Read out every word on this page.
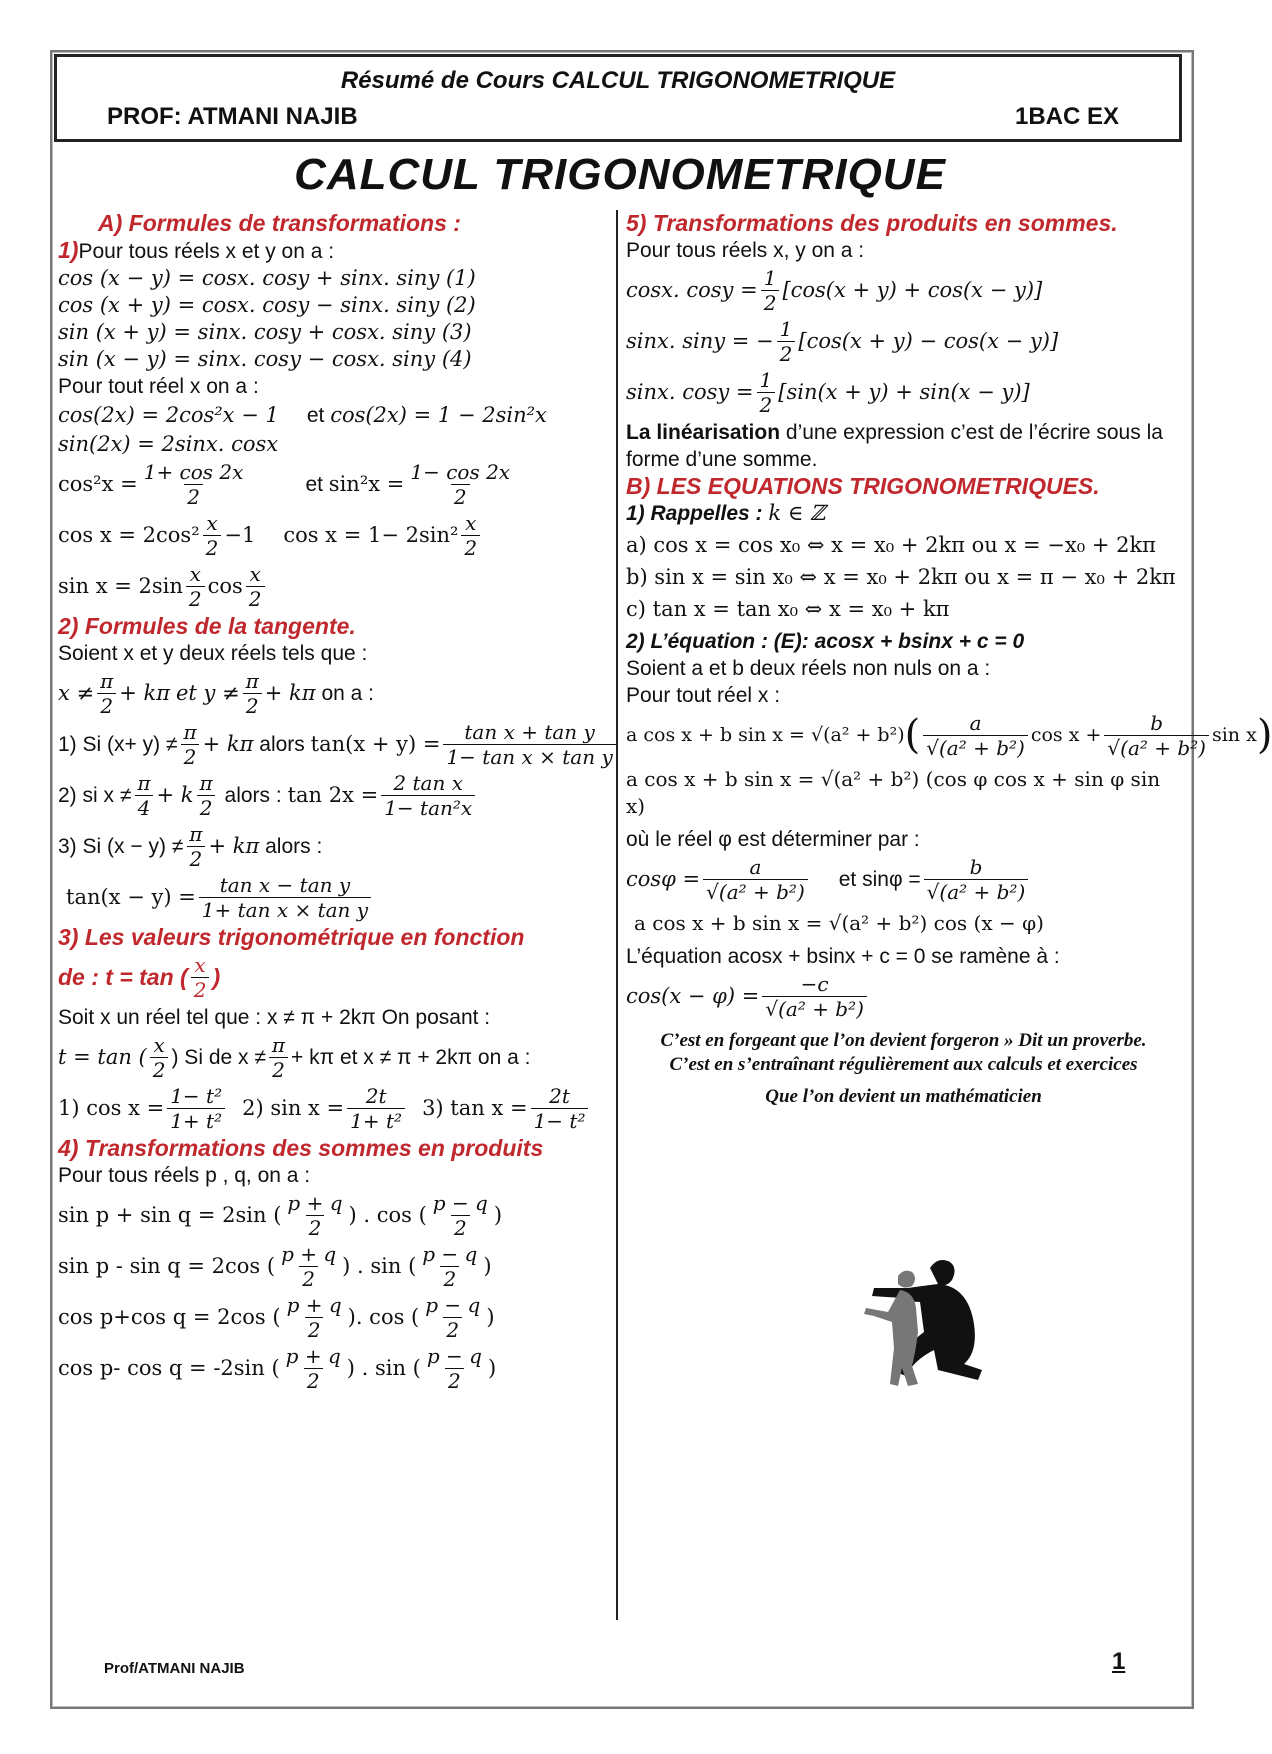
Résumé de Cours CALCUL TRIGONOMETRIQUE
PROF: ATMANI NAJIB	1BAC EX
CALCUL TRIGONOMETRIQUE
A) Formules de transformations :
1)Pour tous réels x et y on a :
cos (x − y) = cosx. cosy + sinx. siny (1)
cos (x + y) = cosx. cosy − sinx. siny (2)
sin (x + y) = sinx. cosy + cosx. siny (3)
sin (x − y) = sinx. cosy − cosx. siny (4)
Pour tout réel x on a :
cos(2x) = 2cos²x − 1 et
cos(2x) = 1 − 2sin²x
sin(2x) = 2sinx. cosx
$\cos^2x = \frac{1+ \cos 2x}{2}$	et
$\sin^2x = \frac{1- \cos 2x}{2}$
$\cos x = 2\cos^2 \frac{x}{2} -1$ $\cos x = 1- 2\sin^2 \frac{x}{2}$
$\sin x = 2\sin \frac{x}{2}$ $\cos \frac{x}{2}$
2) Formules de la tangente.
Soient x et y deux réels tels que :
$x \ne \frac{\pi}{2} + k\pi$
et $y \ne \frac{\pi}{2} + k\pi$
on a :
1) Si $(x+ y) \ne \frac{\pi}{2} + k\pi$
alors
$\tan(x + y) = \frac{\text{tan x + tan y}}{\text{1− tan x × tan y}}$
2) si $x \ne \frac{\pi}{4} + k \frac{\pi}{2}$
alors :
$\tan 2x = \frac{\text{2 tan x}}{\text{1− tan²x}}$
3) Si $(x - y) \ne \frac{\pi}{2} + k\pi$
alors :
$\tan(x - y) = \frac{\text{tan x − tan y}}{\text{1+ tan x × tan y}}$
3) Les valeurs trigonométrique en fonction
de : t = tan ( $\frac{x}{2}$ )
Soit x un réel tel que : x ≠ π + 2kπ On posant :
t = tan ( $\frac{x}{2}$ ) Si de $x \ne \frac{\pi}{2} + k\pi$ et x ≠ π + 2kπ on a :
1) $\cos x = \frac{\text{1− t²}}{\text{1+ t²}} 2$) $\sin x = \frac{2t}{\text{1+ t²}} 3$) $\tan x = \frac{2t}{\text{1− t²}}$
4) Transformations des sommes en produits
Pour tous réels p , q, on a :
sin p + sin q = 2sin ( $\frac{p + q}{2}$ ) . cos ( $\frac{p - q}{2}$ )
sin p - sin q = 2cos ( $\frac{p + q}{2}$ ) . sin ( $\frac{p - q}{2}$ )
cos p+cos q = 2cos ( $\frac{p + q}{2}$ ). cos ( $\frac{p - q}{2}$ )
cos p- cos q = -2sin ( $\frac{p + q}{2}$ ) . sin ( $\frac{p - q}{2}$ )
5) Transformations des produits en sommes.
Pour tous réels x, y on a :
cosx. $\cos y = \frac{1}{2} [\cos(x + y) + \cos(x - y)]$
sinx. siny = − $\frac{1}{2} [\cos(x + y) - \cos(x - y)]$
sinx. $\cos y = \frac{1}{2} [\sin(x + y) + \sin(x - y)]$
La linéarisation d’une expression c’est de l’écrire sous la forme d’une somme.
B) LES EQUATIONS TRIGONOMETRIQUES.
1) Rappelles : k ∈ ℤ
a) cos x = cos x₀ ⇔ x = x₀ + 2kπ ou x = −x₀ + 2kπ
b) sin x = sin x₀ ⇔ x = x₀ + 2kπ ou x = π − x₀ + 2kπ
c) tan x = tan x₀ ⇔ x = x₀ + kπ
2) L’équation : (E): acosx + bsinx + c = 0
Soient a et b deux réels non nuls on a :
Pour tout réel x :
a cos x + b sin x = √(a² + b²) ( $\frac{a}{\text{√(a² + b²)}}$ $\cos x + \frac{b}{\text{√(a² + b²)}}$ sin x )
a cos x + b sin x = √(a² + b²) (cos φ cos x + sin φ sin x)
où le réel φ est déterminer par :
$\cos\varphi = \frac{a}{\text{√(a² + b²)}}$ et $\sin\varphi = \frac{b}{\text{√(a² + b²)}}$
a cos x + b sin x = √(a² + b²) cos (x − φ)
L’équation acosx + bsinx + c = 0 se ramène à :
$\cos(x - \varphi) = \frac{-c}{\text{√(a² + b²)}}$
C’est en forgeant que l’on devient forgeron » Dit un proverbe.
C’est en s’entraînant régulièrement aux calculs et exercices
Que l’on devient un mathématicien
Prof/ATMANI NAJIB	1
